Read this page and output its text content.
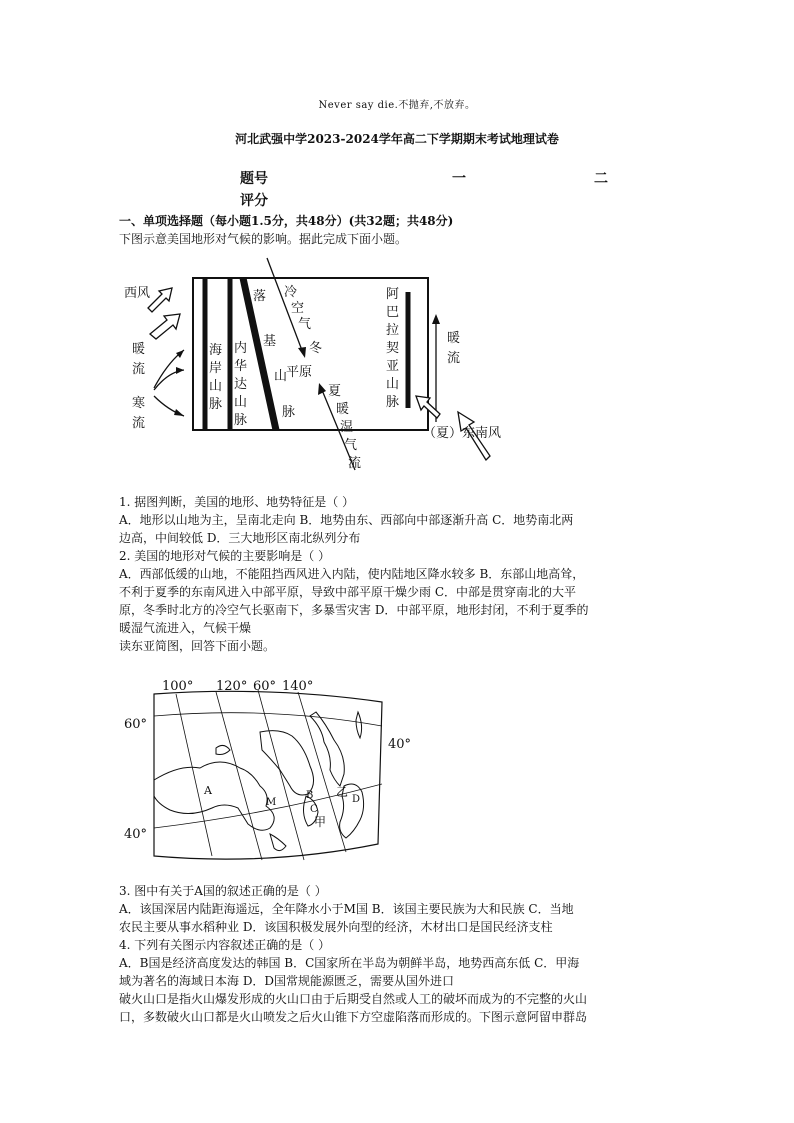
Never say die.不抛弃,不放弃。
河北武强中学2023-2024学年高二下学期期末考试地理试卷
题号	一	二
评分
一、单项选择题（每小题1.5分，共48分）(共32题；共48分)
下图示意美国地形对气候的影响。据此完成下面小题。
西风
暖
流
寒
流
海
岸
山
脉
内
华
达
山
脉
落
基
山
脉
冷
空
气
冬
平原
夏
暖
湿
气
流
阿
巴
拉
契
亚
山
脉
暖
流
（夏）东南风
1. 据图判断，美国的地形、地势特征是（ ）
A．地形以山地为主，呈南北走向 B．地势由东、西部向中部逐渐升高 C．地势南北两
边高，中间较低 D．三大地形区南北纵列分布
2. 美国的地形对气候的主要影响是（ ）
A．西部低缓的山地，不能阻挡西风进入内陆，使内陆地区降水较多 B．东部山地高耸，
不利于夏季的东南风进入中部平原，导致中部平原干燥少雨 C．中部是贯穿南北的大平
原，冬季时北方的冷空气长驱南下，多暴雪灾害 D．中部平原，地形封闭，不利于夏季的
暖湿气流进入，气候干燥
读东亚简图，回答下面小题。
100° 120° 60° 140°
60°
40°
40°
A
M
B
C
乙
D
甲
3. 图中有关于A国的叙述正确的是（ ）
A．该国深居内陆距海遥远，全年降水小于M国 B．该国主要民族为大和民族 C．当地
农民主要从事水稻种业 D．该国积极发展外向型的经济，木材出口是国民经济支柱
4. 下列有关图示内容叙述正确的是（ ）
A．B国是经济高度发达的韩国 B．C国家所在半岛为朝鲜半岛，地势西高东低 C．甲海
域为著名的海域日本海 D．D国常规能源匮乏，需要从国外进口
破火山口是指火山爆发形成的火山口由于后期受自然或人工的破坏而成为的不完整的火山
口，多数破火山口都是火山喷发之后火山锥下方空虚陷落而形成的。下图示意阿留申群岛
